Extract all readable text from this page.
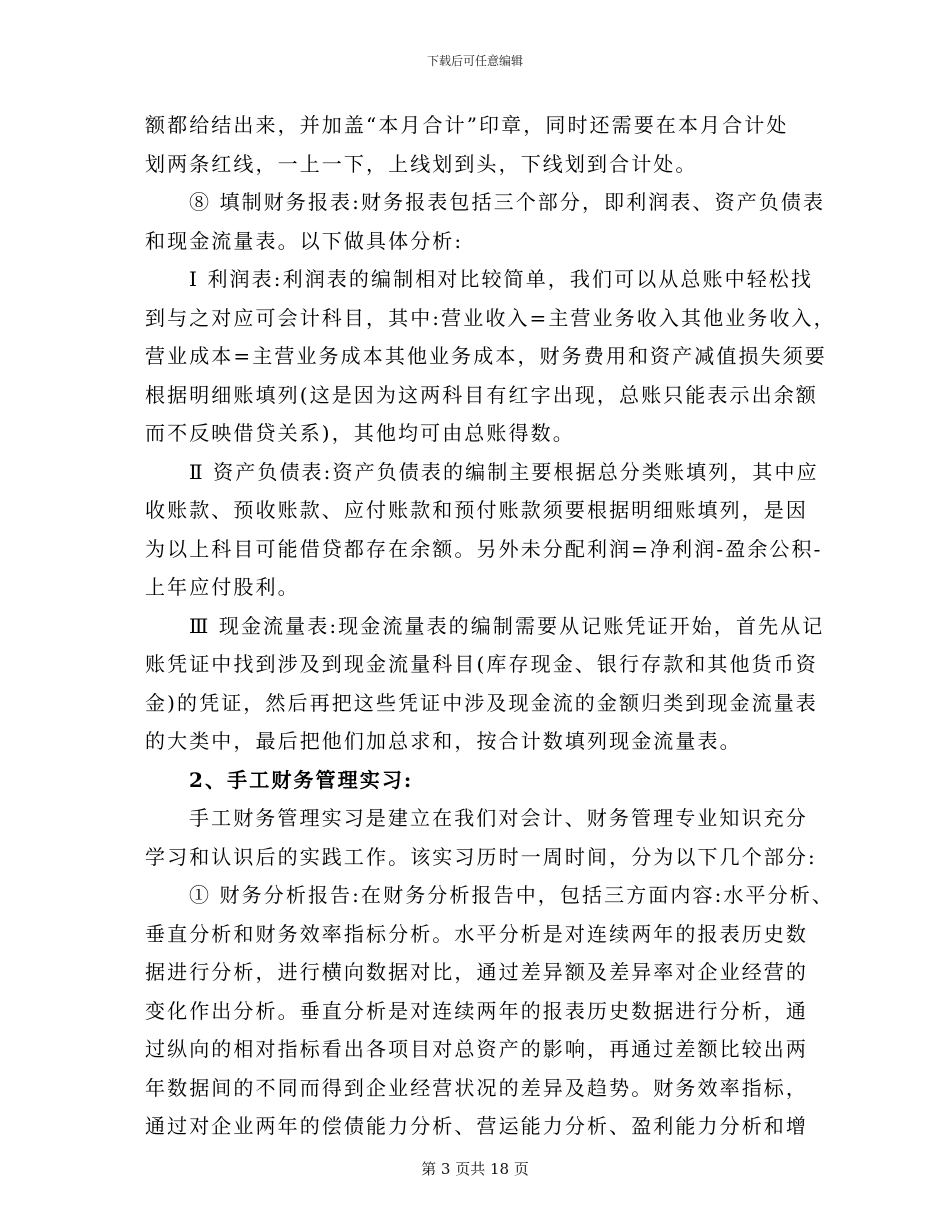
下载后可任意编辑

额都给结出来，并加盖“本月合计”印章，同时还需要在本月合计处
划两条红线，一上一下，上线划到头，下线划到合计处。

⑧ 填制财务报表:财务报表包括三个部分，即利润表、资产负债表
和现金流量表。以下做具体分析:

Ⅰ 利润表:利润表的编制相对比较简单，我们可以从总账中轻松找
到与之对应可会计科目，其中:营业收入=主营业务收入其他业务收入，
营业成本=主营业务成本其他业务成本，财务费用和资产减值损失须要
根据明细账填列(这是因为这两科目有红字出现，总账只能表示出余额
而不反映借贷关系)，其他均可由总账得数。

Ⅱ 资产负债表:资产负债表的编制主要根据总分类账填列，其中应
收账款、预收账款、应付账款和预付账款须要根据明细账填列，是因
为以上科目可能借贷都存在余额。另外未分配利润=净利润-盈余公积-
上年应付股利。

Ⅲ 现金流量表:现金流量表的编制需要从记账凭证开始，首先从记
账凭证中找到涉及到现金流量科目(库存现金、银行存款和其他货币资
金)的凭证，然后再把这些凭证中涉及现金流的金额归类到现金流量表
的大类中，最后把他们加总求和，按合计数填列现金流量表。

2、手工财务管理实习:

手工财务管理实习是建立在我们对会计、财务管理专业知识充分
学习和认识后的实践工作。该实习历时一周时间，分为以下几个部分:

① 财务分析报告:在财务分析报告中，包括三方面内容:水平分析、
垂直分析和财务效率指标分析。水平分析是对连续两年的报表历史数
据进行分析，进行横向数据对比，通过差异额及差异率对企业经营的
变化作出分析。垂直分析是对连续两年的报表历史数据进行分析，通
过纵向的相对指标看出各项目对总资产的影响，再通过差额比较出两
年数据间的不同而得到企业经营状况的差异及趋势。财务效率指标，
通过对企业两年的偿债能力分析、营运能力分析、盈利能力分析和增

第 3 页共 18 页
